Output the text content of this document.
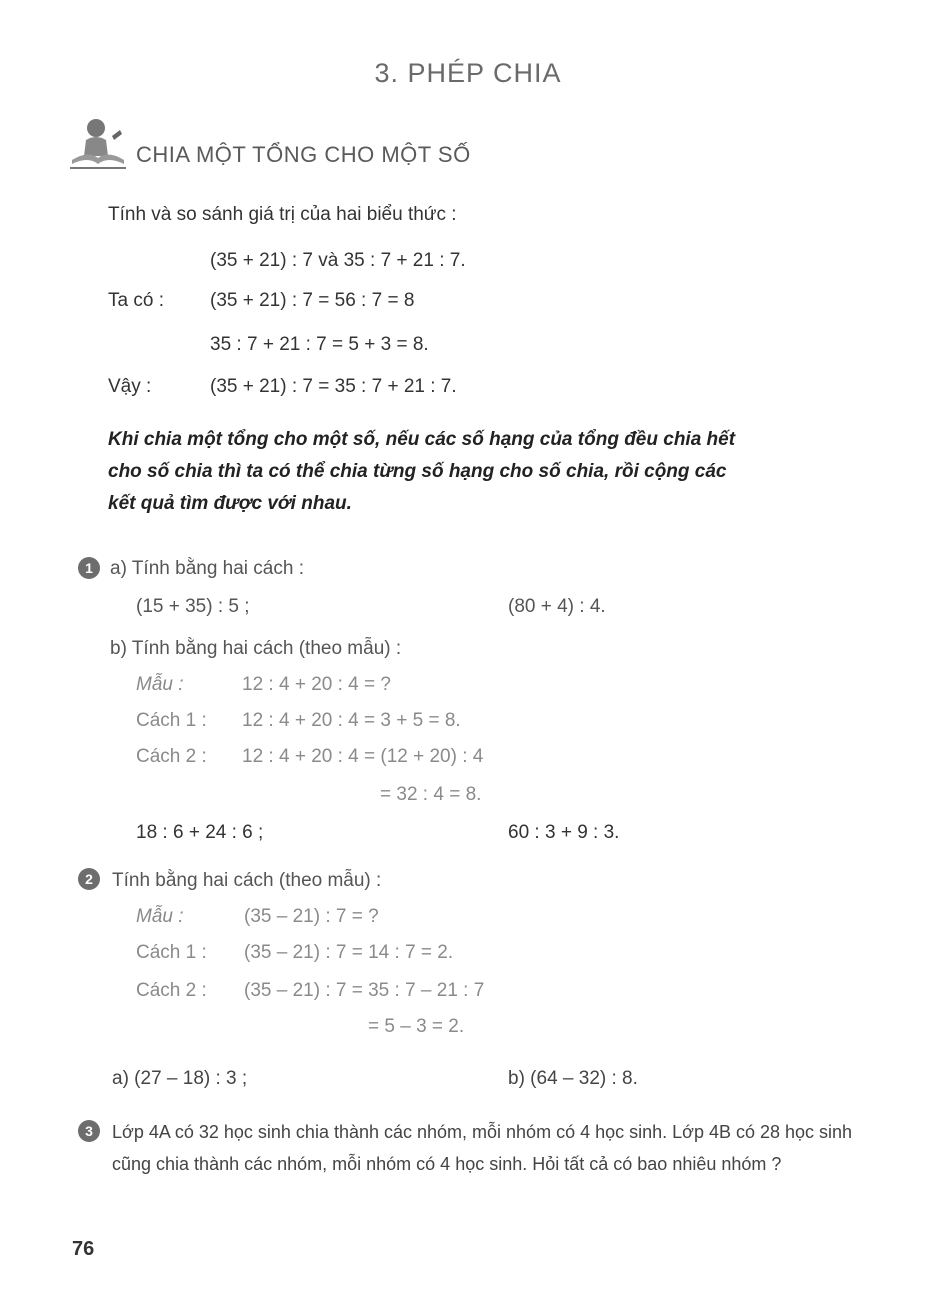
3. PHÉP CHIA
CHIA MỘT TỔNG CHO MỘT SỐ
Tính và so sánh giá trị của hai biểu thức :
(35 + 21) : 7 và 35 : 7 + 21 : 7.
Ta có : (35 + 21) : 7 = 56 : 7 = 8
35 : 7 + 21 : 7 = 5 + 3 = 8.
Vậy :	(35 + 21) : 7 = 35 : 7 + 21 : 7.
Khi chia một tổng cho một số, nếu các số hạng của tổng đều chia hết
cho số chia thì ta có thể chia từng số hạng cho số chia, rồi cộng các
kết quả tìm được với nhau.
1 a) Tính bằng hai cách :
(15 + 35) : 5 ;	(80 + 4) : 4.
b) Tính bằng hai cách (theo mẫu) :
Mẫu :	12 : 4 + 20 : 4 = ?
Cách 1 : 12 : 4 + 20 : 4 = 3 + 5 = 8.
Cách 2 : 12 : 4 + 20 : 4 = (12 + 20) : 4
= 32 : 4 = 8.
18 : 6 + 24 : 6 ;	60 : 3 + 9 : 3.
2	Tính bằng hai cách (theo mẫu) :
Mẫu :	(35 – 21) : 7 = ?
Cách 1 : (35 – 21) : 7 = 14 : 7 = 2.
Cách 2 : (35 – 21) : 7 = 35 : 7 – 21 : 7
= 5 – 3 = 2.
a) (27 – 18) : 3 ;	b) (64 – 32) : 8.
3	Lớp 4A có 32 học sinh chia thành các nhóm, mỗi nhóm có 4 học sinh. Lớp 4B có 28 học sinh cũng chia thành các nhóm, mỗi nhóm có 4 học sinh. Hỏi tất cả có bao nhiêu nhóm ?
76
